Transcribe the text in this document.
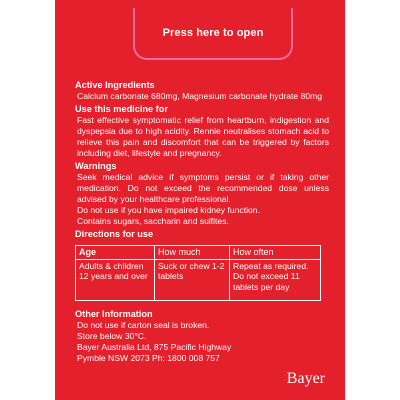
Press here to open
Active Ingredients
Calcium carbonate 680mg, Magnesium carbonate hydrate 80mg
Use this medicine for
Fast effective symptomatic relief from heartburn, indigestion and dyspepsia due to high acidity. Rennie neutralises stomach acid to relieve this pain and discomfort that can be triggered by factors including diet, lifestyle and pregnancy.
Warnings
Seek medical advice if symptoms persist or if taking other medication. Do not exceed the recommended dose unless advised by your healthcare professional.
Do not use if you have impaired kidney function.
Contains sugars, saccharin and sulfites.
Directions for use
Age	How much	How often
Adults & children 12 years and over	Suck or chew 1-2 tablets	Repeat as required. Do not exceed 11 tablets per day
Other Information
Do not use if carton seal is broken.
Store below 30°C.
Bayer Australia Ltd, 875 Pacific Highway
Pymble NSW 2073 Ph: 1800 008 757
Bayer
